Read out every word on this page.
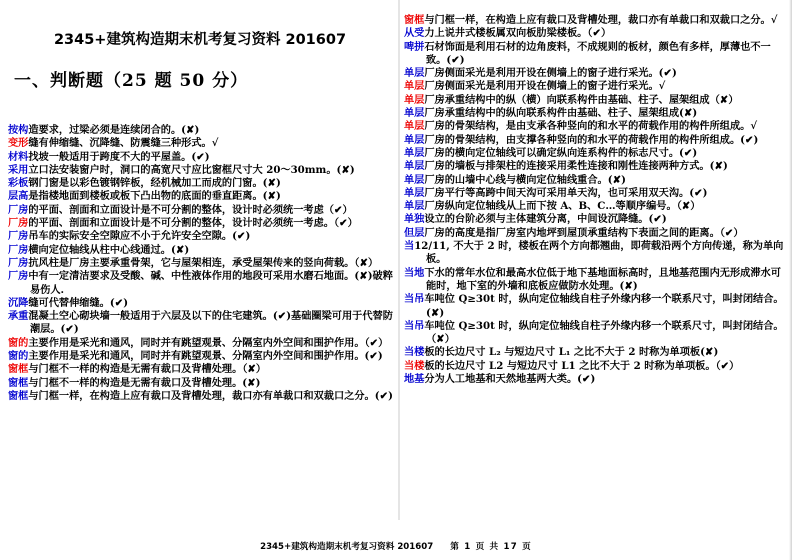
2345+建筑构造期末机考复习资料 201607
一、判断题（25 题 50 分）

按构造要求，过梁必须是连续闭合的。(✘)

变形缝有伸缩缝、沉降缝、防震缝三种形式。√

材料找坡一般适用于跨度不大的平屋盖。(✔)

采用立口法安装窗户时，洞口的高宽尺寸应比窗框尺寸大 20～30mm。(✘)

彩板钢门窗是以彩色镀钢锌板，经机械加工而成的门窗。(✘)

层高是指楼地面到楼板或板下凸出物的底面的垂直距离。(✘)

厂房的平面、剖面和立面设计是不可分割的整体，设计时必须统一考虑（✔）

厂房的平面、剖面和立面设计是不可分割的整体，设计时必须统一考虑。（✔）

厂房吊车的实际安全空隙应不小于允许安全空隙。(✔)

厂房横向定位轴线从柱中心线通过。(✘)

厂房抗风柱是厂房主要承重骨架，它与屋架相连，承受屋架传来的竖向荷载。（✘）

厂房中有一定清洁要求及受酸、碱、中性液体作用的地段可采用水磨石地面。(✘)破粹易伤人.

沉降缝可代替伸缩缝。(✔)

承重混凝土空心砌块墙一般适用于六层及以下的住宅建筑。(✔)基础圈梁可用于代替防潮层。(✔)

窗的主要作用是采光和通风，同时并有跳望观景、分隔室内外空间和围护作用。（✔）

窗的主要作用是采光和通风，同时并有跳望观景、分隔室内外空间和围护作用。(✔)

窗框与门框不一样的构造是无需有裁口及背槽处理。（✘）

窗框与门框不一样的构造是无需有裁口及背槽处理。(✘)

窗框与门框一样，在构造上应有裁口及背槽处理，裁口亦有单裁口和双裁口之分。(✔)

窗框与门框一样，在构造上应有裁口及背槽处理，裁口亦有单裁口和双裁口之分。√

从受力上说井式楼板属双向板肋梁楼板。（✔）

啤拼石材饰面是利用石材的边角废料，不成规则的板材，颜色有多样，厚薄也不一致。(✔)

单层厂房侧面采光是利用开设在侧墙上的窗子进行采光。(✔)

单层厂房侧面采光是利用开设在侧墙上的窗子进行采光。√

单层厂房承重结构中的纵（横）向联系构件由基础、柱子、屋架组成（✘）

单层厂房承重结构中的纵向联系构件由基础、柱子、屋架组成(✘)

单层厂房的骨架结构，是由支承各种竖向的和水平的荷载作用的构件所组成。√

单层厂房的骨架结构，由支撑各种竖向的和水平的荷载作用的构件所组成。(✔)

单层厂房的横向定位轴线可以确定纵向连系构件的标志尺寸。(✔)

单层厂房的墙板与排架柱的连接采用柔性连接和刚性连接两种方式。(✘)

单层厂房的山墙中心线与横向定位轴线重合。(✘)

单层厂房平行等高跨中间天沟可采用单天沟，也可采用双天沟。(✔)

单层厂房纵向定位轴线从上而下按 A、B、C…等顺序编号。（✘）

单独设立的台阶必须与主体建筑分离，中间设沉降缝。(✔)

但层厂房的高度是指厂房室内地坪到屋顶承重结构下表面之间的距离。（✔）

当12/11, 不大于 2 时，楼板在两个方向都翘曲，即荷载沿两个方向传递，称为单向板。

当地下水的常年水位和最高水位低于地下基地面标高时，且地基范围内无形成滞水可能时，地下室的外墙和底板应做防水处理。(✘)

当吊车吨位 Q≥30t 时，纵向定位轴线自柱子外缘内移一个联系尺寸，叫封闭结合。(✘)

当吊车吨位 Q≥30t 时，纵向定位轴线自柱子外缘内移一个联系尺寸，叫封闭结合。（✘）

当楼板的长边尺寸 L₂ 与短边尺寸 L₁ 之比不大于 2 时称为单项板(✘)

当楼板的长边尺寸 L2 与短边尺寸 L1 之比不大于 2 时称为单项板。（✔）

地基分为人工地基和天然地基两大类。(✔)

2345+建筑构造期末机考复习资料 201607 第 1 页 共 17 页
